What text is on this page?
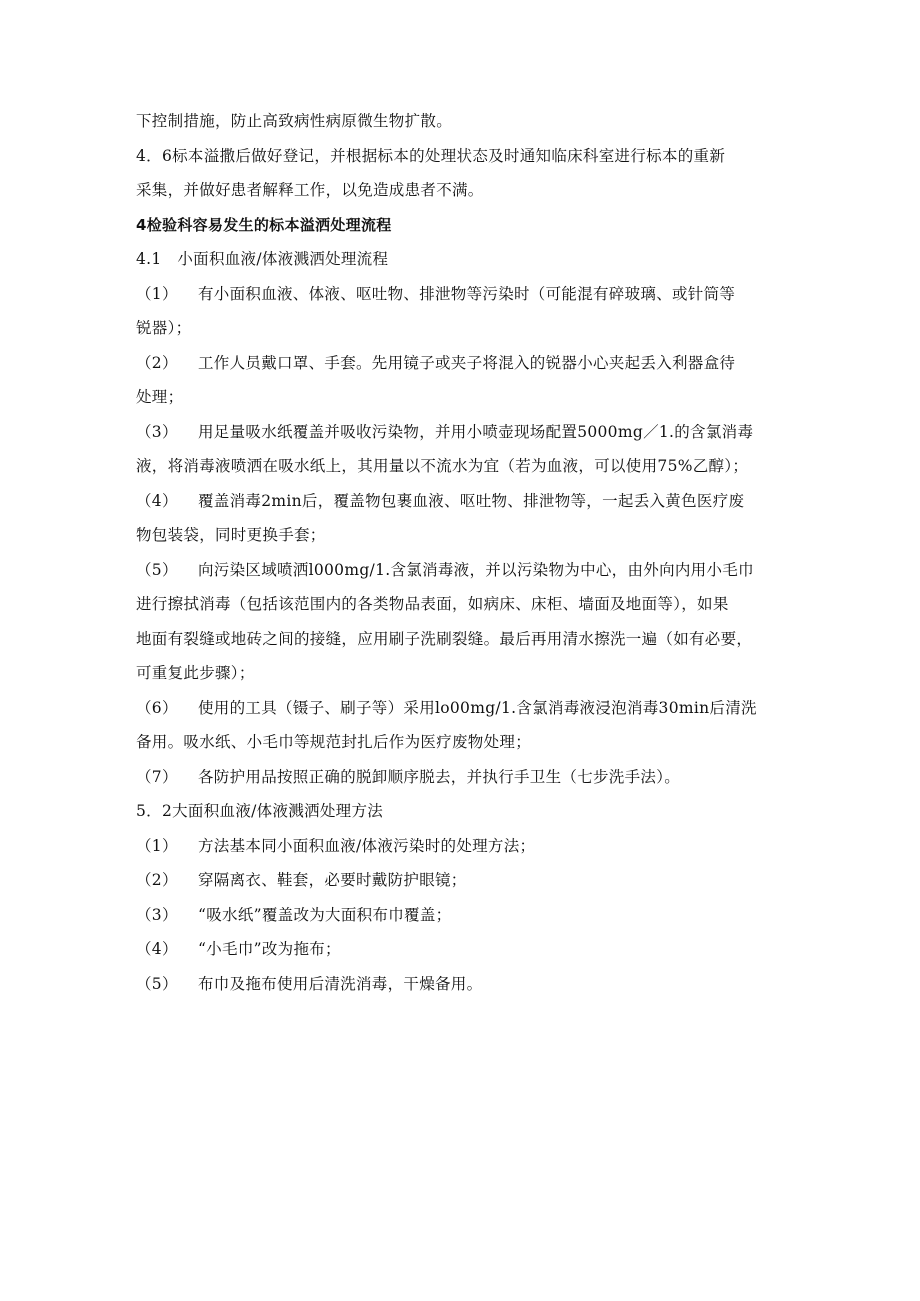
下控制措施，防止高致病性病原微生物扩散。
4．6标本溢撒后做好登记，并根据标本的处理状态及时通知临床科室进行标本的重新
采集，并做好患者解释工作，以免造成患者不满。
4检验科容易发生的标本溢洒处理流程
4.1　小面积血液/体液溅洒处理流程
（1）	有小面积血液、体液、呕吐物、排泄物等污染时（可能混有碎玻璃、或针筒等
锐器）；
（2）	工作人员戴口罩、手套。先用镜子或夹子将混入的锐器小心夹起丢入利器盒待
处理；
（3）	用足量吸水纸覆盖并吸收污染物，并用小喷壶现场配置5000mg／1.的含氯消毒
液，将消毒液喷洒在吸水纸上，其用量以不流水为宜（若为血液，可以使用75%乙醇）；
（4）	覆盖消毒2min后，覆盖物包裹血液、呕吐物、排泄物等，一起丢入黄色医疗废
物包装袋，同时更换手套；
（5）	向污染区域喷洒l000mg/1.含氯消毒液，并以污染物为中心，由外向内用小毛巾
进行擦拭消毒（包括该范围内的各类物品表面，如病床、床柜、墙面及地面等），如果
地面有裂缝或地砖之间的接缝，应用刷子洗刷裂缝。最后再用清水擦洗一遍（如有必要，
可重复此步骤）；
（6）	使用的工具（镊子、刷子等）采用lo00mg/1.含氯消毒液浸泡消毒30min后清洗
备用。吸水纸、小毛巾等规范封扎后作为医疗废物处理；
（7）	各防护用品按照正确的脱卸顺序脱去，并执行手卫生（七步洗手法）。
5．2大面积血液/体液溅洒处理方法
（1）	方法基本同小面积血液/体液污染时的处理方法；
（2）	穿隔离衣、鞋套，必要时戴防护眼镜；
（3）	“吸水纸”覆盖改为大面积布巾覆盖；
（4）	“小毛巾”改为拖布；
（5）	布巾及拖布使用后清洗消毒，干燥备用。
